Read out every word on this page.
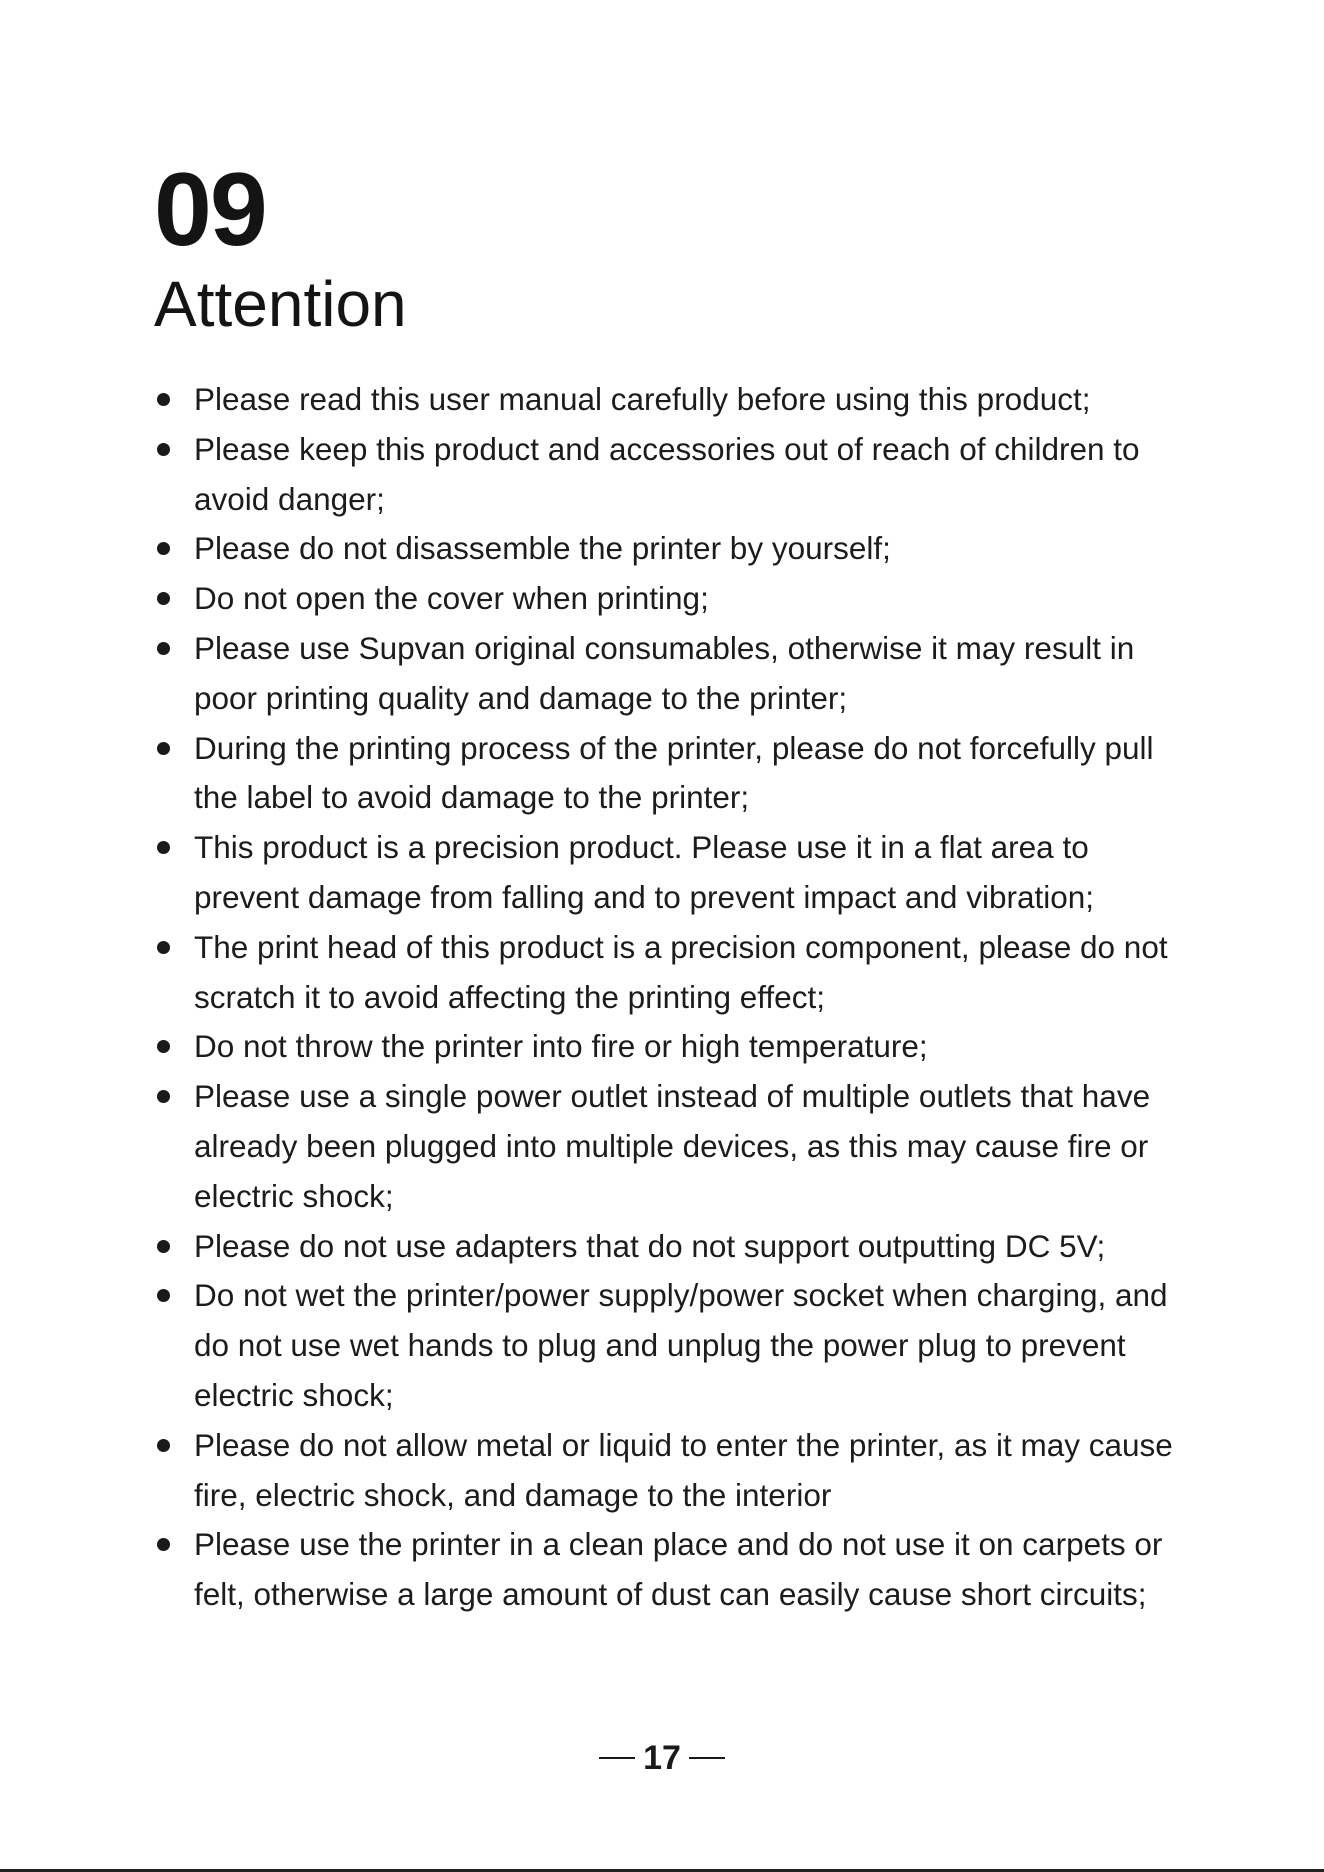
09
Attention
Please read this user manual carefully before using this product;
Please keep this product and accessories out of reach of children to avoid danger;
Please do not disassemble the printer by yourself;
Do not open the cover when printing;
Please use Supvan original consumables, otherwise it may result in poor printing quality and damage to the printer;
During the printing process of the printer, please do not forcefully pull the label to avoid damage to the printer;
This product is a precision product. Please use it in a flat area to prevent damage from falling and to prevent impact and vibration;
The print head of this product is a precision component, please do not scratch it to avoid affecting the printing effect;
Do not throw the printer into fire or high temperature;
Please use a single power outlet instead of multiple outlets that have already been plugged into multiple devices, as this may cause fire or electric shock;
Please do not use adapters that do not support outputting DC 5V;
Do not wet the printer/power supply/power socket when charging, and do not use wet hands to plug and unplug the power plug to prevent electric shock;
Please do not allow metal or liquid to enter the printer, as it may cause fire, electric shock, and damage to the interior
Please use the printer in a clean place and do not use it on carpets or felt, otherwise a large amount of dust can easily cause short circuits;
17
